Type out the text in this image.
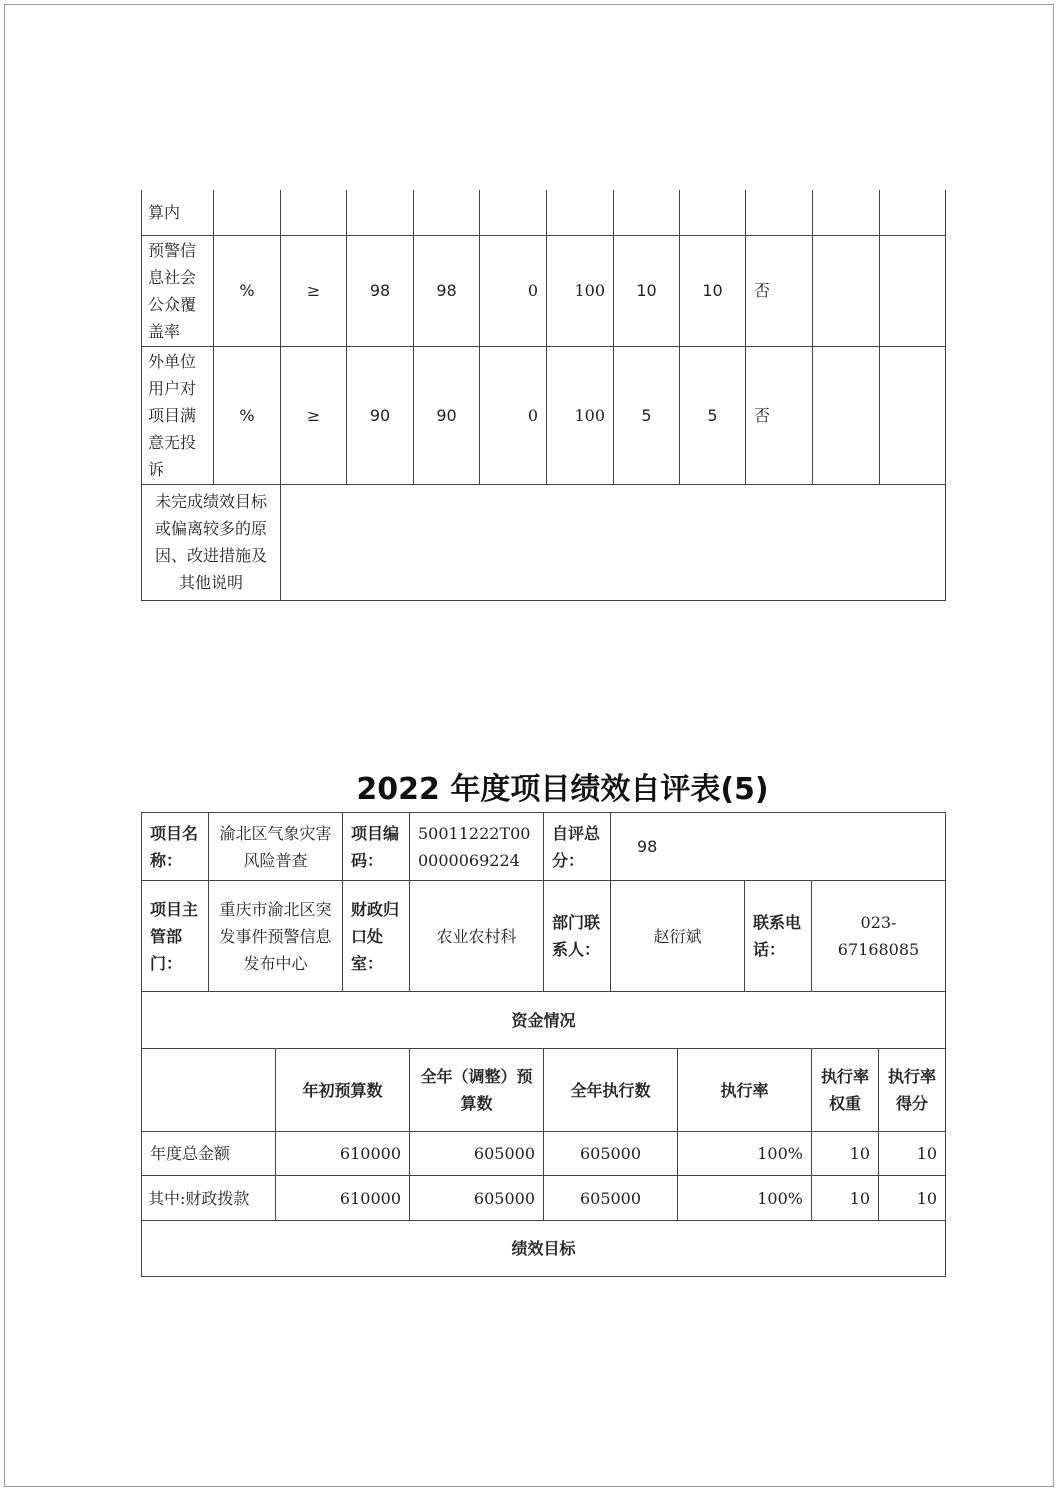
算内											
预警信息社会公众覆盖率	%	≥	98	98	0	100	10	10	否		
外单位用户对项目满意无投诉	%	≥	90	90	0	100	5	5	否		
未完成绩效目标或偏离较多的原因、改进措施及其他说明											
2022 年度项目绩效自评表(5)
项目名称：	渝北区气象灾害风险普查	项目编码：	50011222T000000069224	自评总分：	98		
项目主管部门：	重庆市渝北区突发事件预警信息发布中心	财政归口处室：	农业农村科	部门联系人：	赵衍斌	联系电话：	023-67168085
资金情况						
	年初预算数	全年（调整）预算数	全年执行数	执行率	执行率权重	执行率得分
年度总金额	610000	605000	605000	100%	10	10
其中:财政拨款	610000	605000	605000	100%	10	10
绩效目标						
